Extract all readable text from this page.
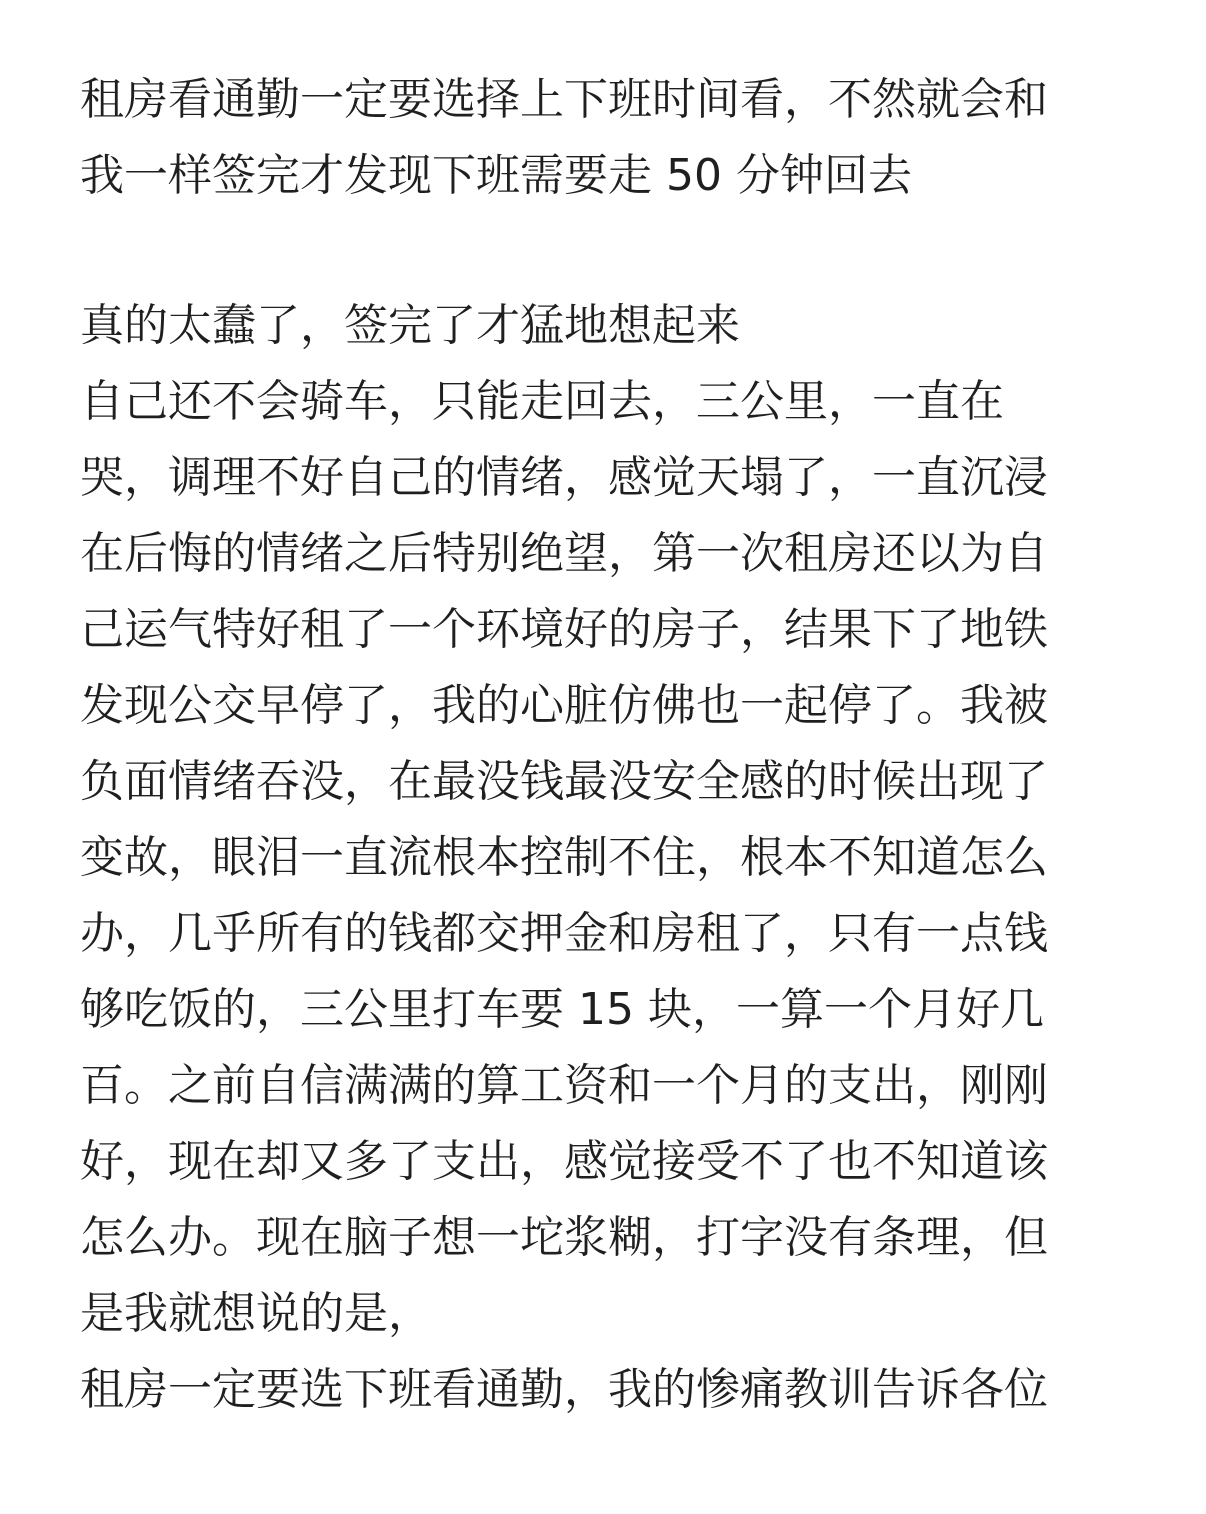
租房看通勤一定要选择上下班时间看，不然就会和
我一样签完才发现下班需要走 50 分钟回去
真的太蠢了，签完了才猛地想起来
自己还不会骑车，只能走回去，三公里，一直在
哭，调理不好自己的情绪，感觉天塌了，一直沉浸
在后悔的情绪之后特别绝望，第一次租房还以为自
己运气特好租了一个环境好的房子，结果下了地铁
发现公交早停了，我的心脏仿佛也一起停了。我被
负面情绪吞没，在最没钱最没安全感的时候出现了
变故，眼泪一直流根本控制不住，根本不知道怎么
办，几乎所有的钱都交押金和房租了，只有一点钱
够吃饭的，三公里打车要 15 块，一算一个月好几
百。之前自信满满的算工资和一个月的支出，刚刚
好，现在却又多了支出，感觉接受不了也不知道该
怎么办。现在脑子想一坨浆糊，打字没有条理，但
是我就想说的是，
租房一定要选下班看通勤，我的惨痛教训告诉各位
